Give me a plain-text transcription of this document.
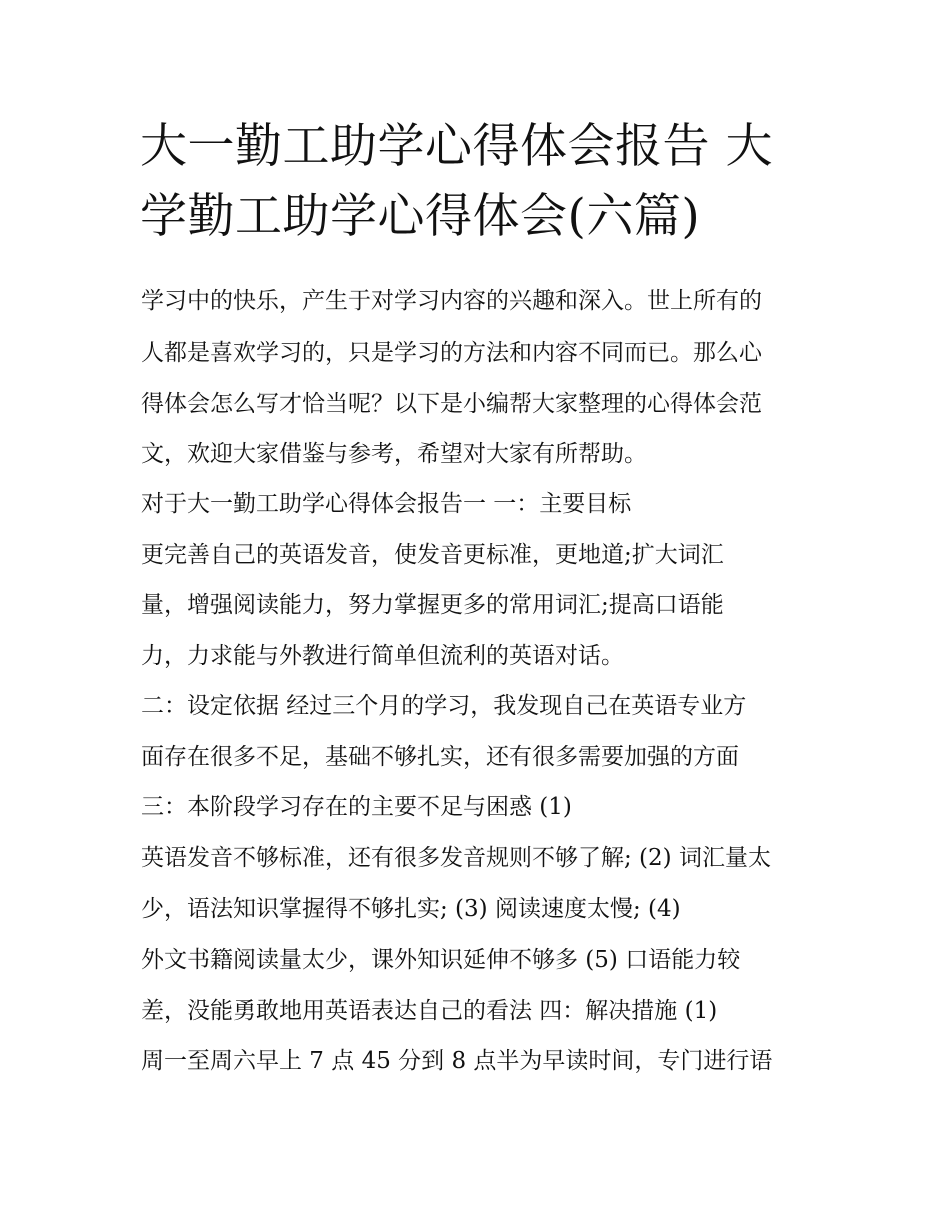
大一勤工助学心得体会报告 大
学勤工助学心得体会(六篇)

学习中的快乐，产生于对学习内容的兴趣和深入。世上所有的

人都是喜欢学习的，只是学习的方法和内容不同而已。那么心

得体会怎么写才恰当呢？以下是小编帮大家整理的心得体会范

文，欢迎大家借鉴与参考，希望对大家有所帮助。

对于大一勤工助学心得体会报告一 一：主要目标

更完善自己的英语发音，使发音更标准，更地道;扩大词汇

量，增强阅读能力，努力掌握更多的常用词汇;提高口语能

力，力求能与外教进行简单但流利的英语对话。

二：设定依据 经过三个月的学习，我发现自己在英语专业方

面存在很多不足，基础不够扎实，还有很多需要加强的方面

三：本阶段学习存在的主要不足与困惑 (1)

英语发音不够标准，还有很多发音规则不够了解; (2) 词汇量太

少，语法知识掌握得不够扎实; (3) 阅读速度太慢; (4)

外文书籍阅读量太少，课外知识延伸不够多 (5) 口语能力较

差，没能勇敢地用英语表达自己的看法 四：解决措施 (1)

周一至周六早上 7 点 45 分到 8 点半为早读时间，专门进行语
